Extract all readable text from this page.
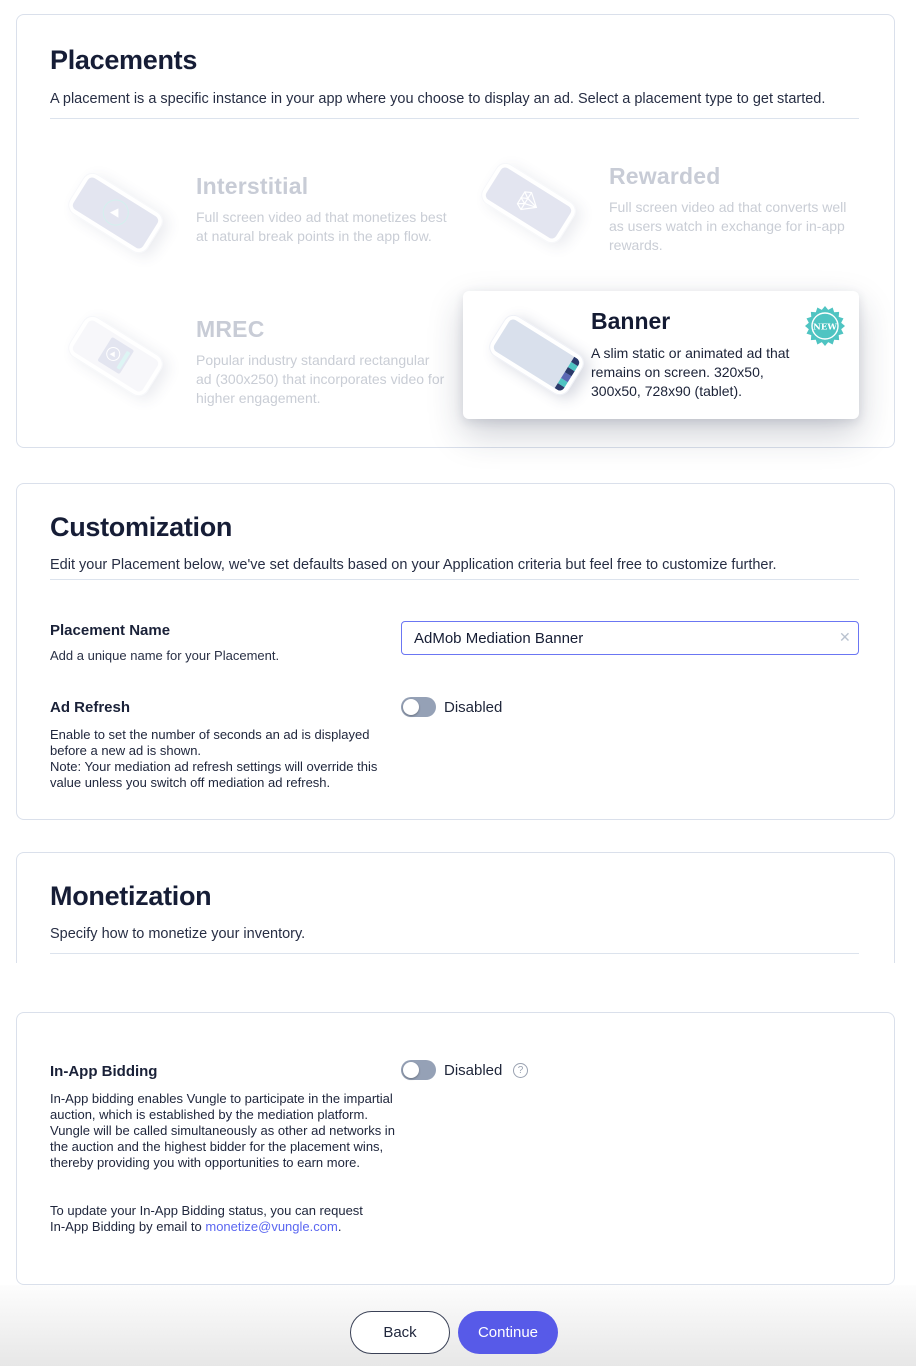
Placements
A placement is a specific instance in your app where you choose to display an ad. Select a placement type to get started.
Interstitial
Full screen video ad that monetizes best at natural break points in the app flow.
Rewarded
Full screen video ad that converts well as users watch in exchange for in-app rewards.
MREC
Popular industry standard rectangular ad (300x250) that incorporates video for higher engagement.
Banner
A slim static or animated ad that remains on screen. 320x50, 300x50, 728x90 (tablet).
NEW
Customization
Edit your Placement below, we've set defaults based on your Application criteria but feel free to customize further.
Placement Name
Add a unique name for your Placement.
AdMob Mediation Banner
✕
Ad Refresh	Disabled
Enable to set the number of seconds an ad is displayed before a new ad is shown.
Note: Your mediation ad refresh settings will override this value unless you switch off mediation ad refresh.
Monetization
Specify how to monetize your inventory.
In-App Bidding	Disabled	?
In-App bidding enables Vungle to participate in the impartial auction, which is established by the mediation platform. Vungle will be called simultaneously as other ad networks in the auction and the highest bidder for the placement wins, thereby providing you with opportunities to earn more.
To update your In-App Bidding status, you can request In-App Bidding by email to monetize@vungle.com.
Back	Continue
